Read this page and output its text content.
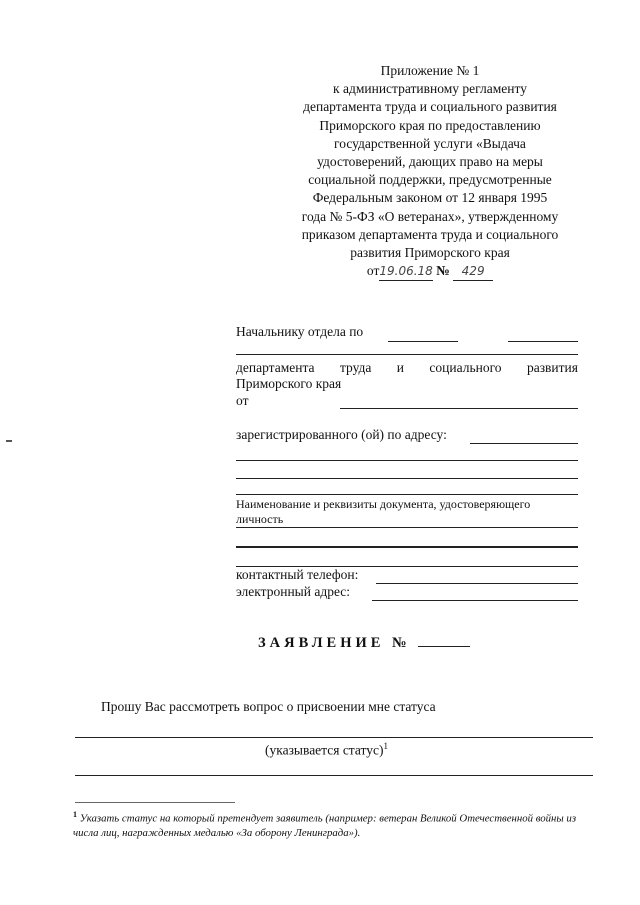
Приложение № 1
к административному регламенту
департамента труда и социального развития
Приморского края по предоставлению
государственной услуги «Выдача
удостоверений, дающих право на меры
социальной поддержки, предусмотренные
Федеральным законом от 12 января 1995
года № 5-ФЗ «О ветеранах», утвержденному
приказом департамента труда и социального
развития Приморского края
от19.06.18 № 429
Начальнику отдела по
департамента труда и социального развития
Приморского края
от
зарегистрированного (ой) по адресу:
Наименование и реквизиты документа, удостоверяющего
личность
контактный телефон:
электронный адрес:
ЗАЯВЛЕНИЕ №
Прошу Вас рассмотреть вопрос о присвоении мне статуса
(указывается статус)$^1$
$^1$ Указать статус на который претендует заявитель (например: ветеран Великой Отечественной войны из числа лиц, награжденных медалью «За оборону Ленинграда»).
